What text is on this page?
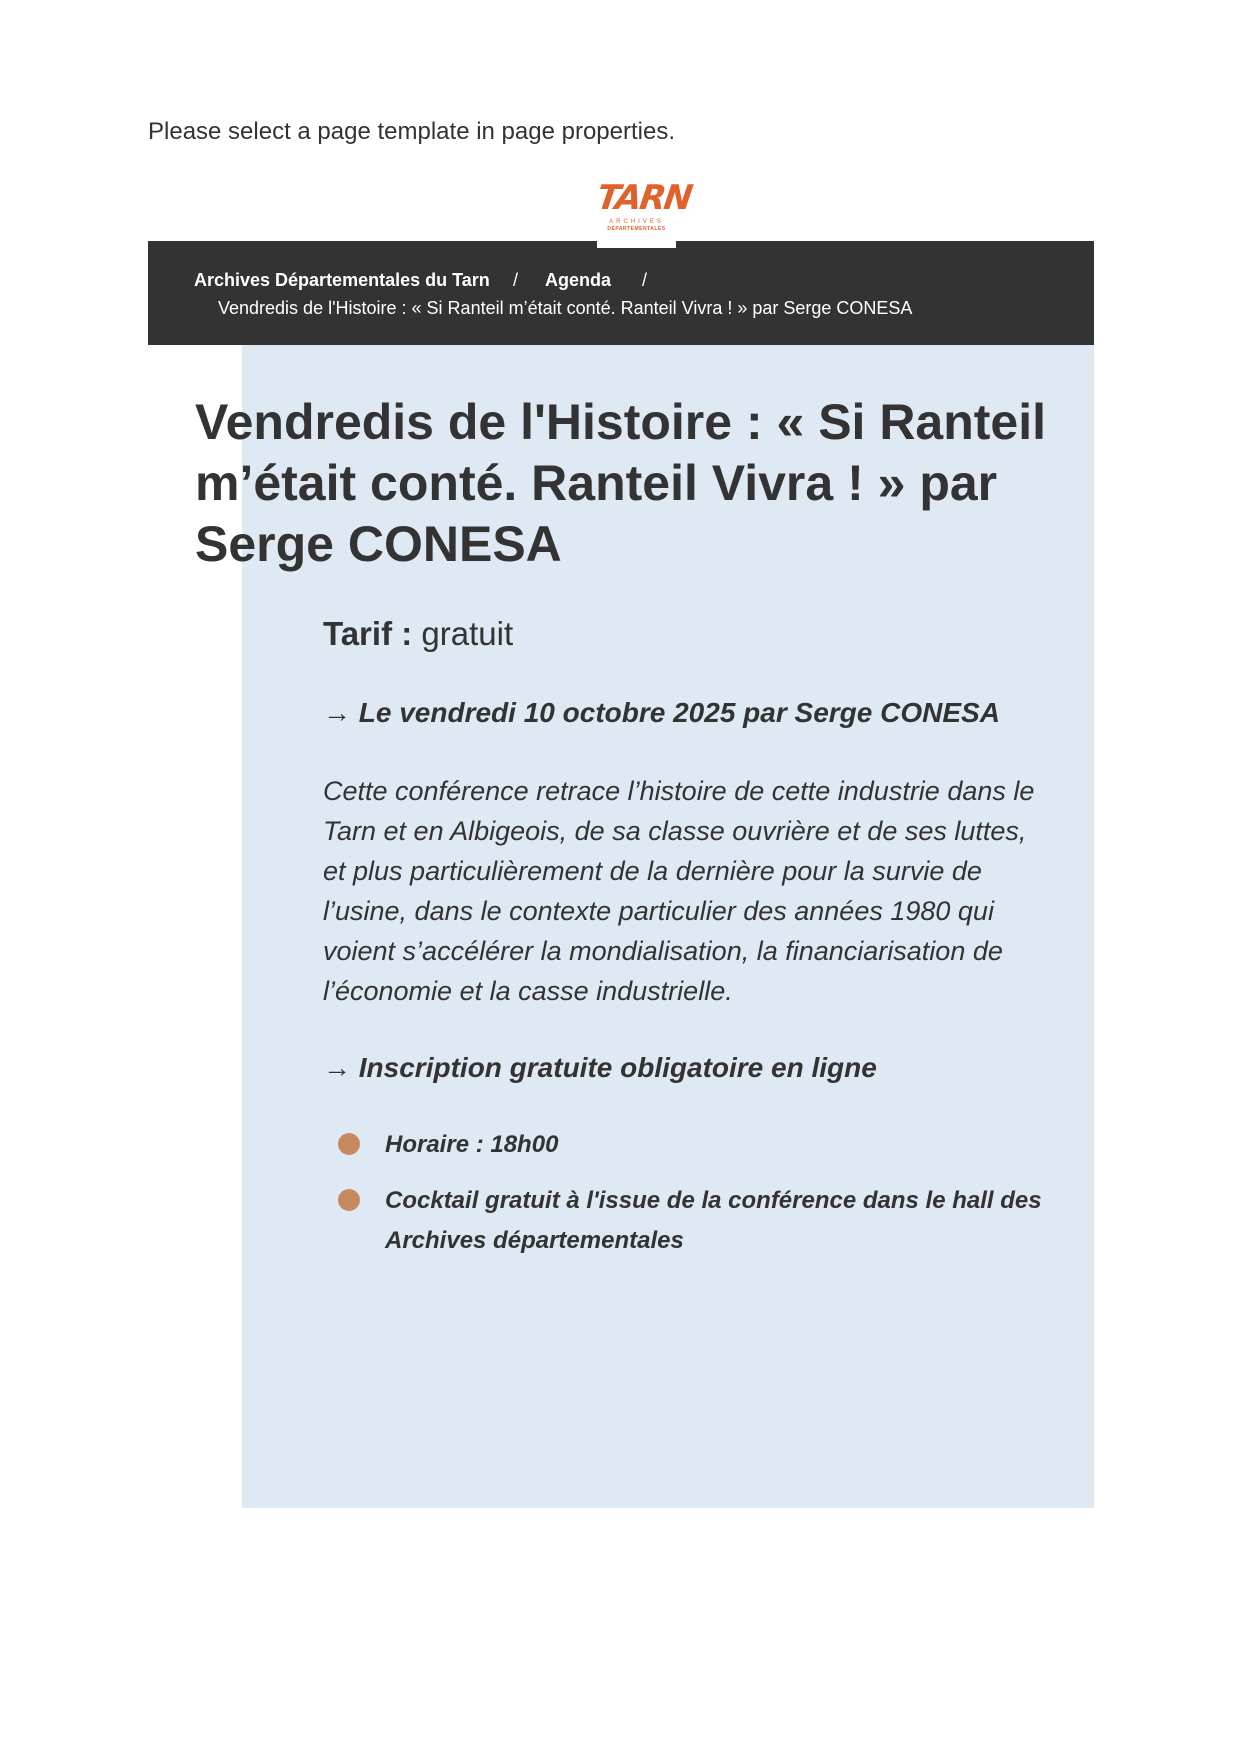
Please select a page template in page properties.

TARN
ARCHIVES
DÉPARTEMENTALES
Archives Départementales du Tarn / Agenda /
Vendredis de l'Histoire : « Si Ranteil m’était conté. Ranteil Vivra ! » par Serge CONESA
Vendredis de l'Histoire : « Si Ranteil m’était conté. Ranteil Vivra ! » par Serge CONESA

Tarif : gratuit

→ Le vendredi 10 octobre 2025 par Serge CONESA

Cette conférence retrace l’histoire de cette industrie dans le Tarn et en Albigeois, de sa classe ouvrière et de ses luttes, et plus particulièrement de la dernière pour la survie de l’usine, dans le contexte particulier des années 1980 qui voient s’accélérer la mondialisation, la financiarisation de l’économie et la casse industrielle.

→ Inscription gratuite obligatoire en ligne

Horaire : 18h00
Cocktail gratuit à l'issue de la conférence dans le hall des Archives départementales
